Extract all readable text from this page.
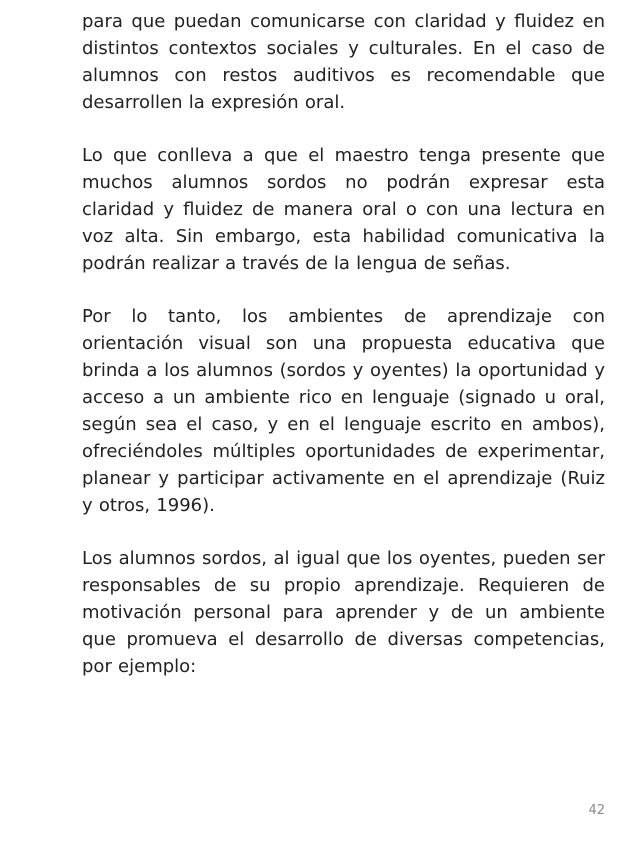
para que puedan comunicarse con claridad y fluidez en distintos contextos sociales y culturales. En el caso de alumnos con restos auditivos es recomendable que desarrollen la expresión oral.

Lo que conlleva a que el maestro tenga presente que muchos alumnos sordos no podrán expresar esta claridad y fluidez de manera oral o con una lectura en voz alta. Sin embargo, esta habilidad comunicativa la podrán realizar a través de la lengua de señas.

Por lo tanto, los ambientes de aprendizaje con orientación visual son una propuesta educativa que brinda a los alumnos (sordos y oyentes) la oportunidad y acceso a un ambiente rico en lenguaje (signado u oral, según sea el caso, y en el lenguaje escrito en ambos), ofreciéndoles múltiples oportunidades de experimentar, planear y participar activamente en el aprendizaje (Ruiz y otros, 1996).

Los alumnos sordos, al igual que los oyentes, pueden ser responsables de su propio aprendizaje. Requieren de motivación personal para aprender y de un ambiente que promueva el desarrollo de diversas competencias, por ejemplo:

42
